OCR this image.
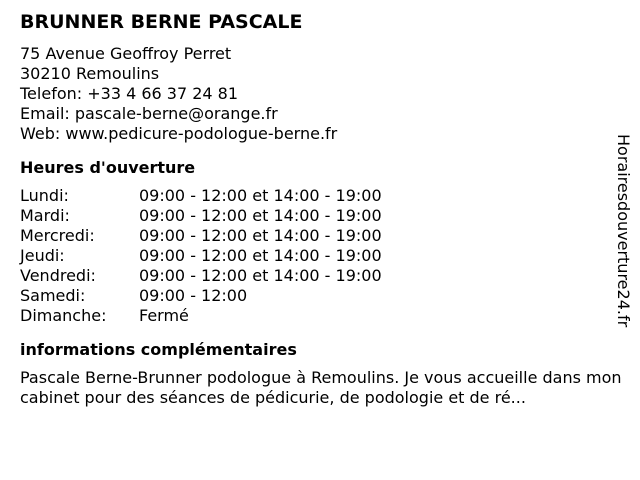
BRUNNER BERNE PASCALE
75 Avenue Geoffroy Perret
30210 Remoulins
Telefon: +33 4 66 37 24 81
Email: pascale-berne@orange.fr
Web: www.pedicure-podologue-berne.fr
Heures d'ouverture
Lundi:	09:00 - 12:00 et 14:00 - 19:00
Mardi:	09:00 - 12:00 et 14:00 - 19:00
Mercredi:	09:00 - 12:00 et 14:00 - 19:00
Jeudi:	09:00 - 12:00 et 14:00 - 19:00
Vendredi:	09:00 - 12:00 et 14:00 - 19:00
Samedi:	09:00 - 12:00
Dimanche:	Fermé
informations complémentaires
Pascale Berne-Brunner podologue à Remoulins. Je vous accueille dans mon cabinet pour des séances de pédicurie, de podologie et de ré...
Horairesdouverture24.fr
